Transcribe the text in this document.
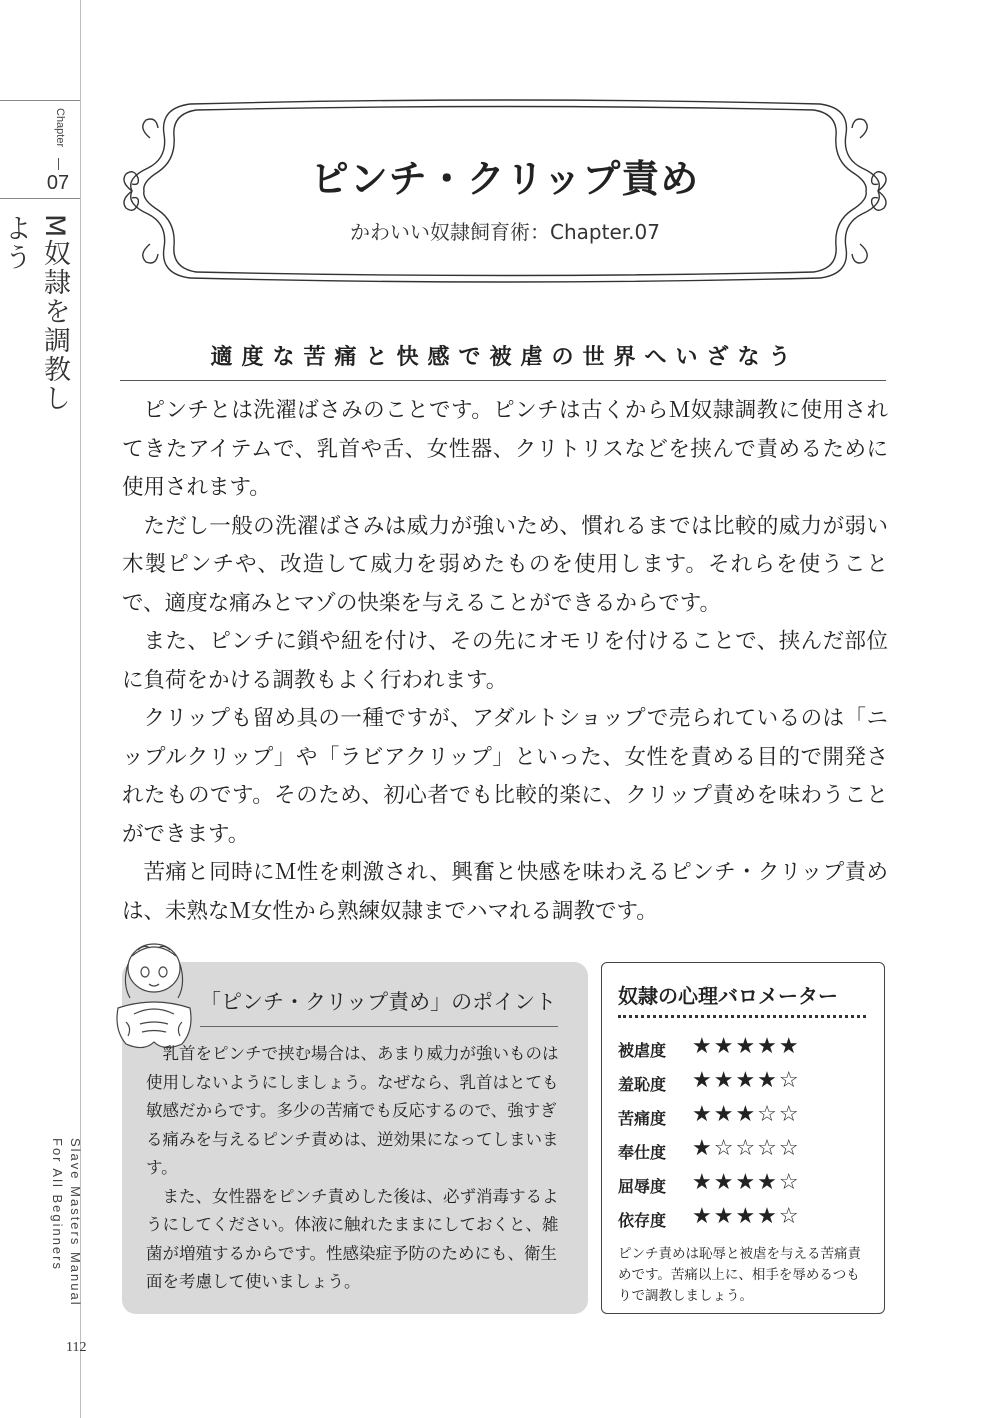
Chapter
07
M奴隷を調教しよう
Slave Masters Manual
For All Beginners
112
ピンチ・クリップ責め
かわいい奴隷飼育術：Chapter.07
適度な苦痛と快感で被虐の世界へいざなう

ピンチとは洗濯ばさみのことです。ピンチは古くからＭ奴隷調教に使用されてきたアイテムで、乳首や舌、女性器、クリトリスなどを挟んで責めるために使用されます。

ただし一般の洗濯ばさみは威力が強いため、慣れるまでは比較的威力が弱い木製ピンチや、改造して威力を弱めたものを使用します。それらを使うことで、適度な痛みとマゾの快楽を与えることができるからです。

また、ピンチに鎖や紐を付け、その先にオモリを付けることで、挟んだ部位に負荷をかける調教もよく行われます。

クリップも留め具の一種ですが、アダルトショップで売られているのは「ニップルクリップ」や「ラビアクリップ」といった、女性を責める目的で開発されたものです。そのため、初心者でも比較的楽に、クリップ責めを味わうことができます。

苦痛と同時にＭ性を刺激され、興奮と快感を味わえるピンチ・クリップ責めは、未熟なＭ女性から熟練奴隷までハマれる調教です。

「ピンチ・クリップ責め」のポイント

乳首をピンチで挟む場合は、あまり威力が強いものは使用しないようにしましょう。なぜなら、乳首はとても敏感だからです。多少の苦痛でも反応するので、強すぎる痛みを与えるピンチ責めは、逆効果になってしまいます。

また、女性器をピンチ責めした後は、必ず消毒するようにしてください。体液に触れたままにしておくと、雑菌が増殖するからです。性感染症予防のためにも、衛生面を考慮して使いましょう。

奴隷の心理バロメーター
被虐度 ★★★★★
羞恥度 ★★★★☆
苦痛度 ★★★☆☆
奉仕度 ★☆☆☆☆
屈辱度 ★★★★☆
依存度 ★★★★☆
ピンチ責めは恥辱と被虐を与える苦痛責めです。苦痛以上に、相手を辱めるつもりで調教しましょう。
